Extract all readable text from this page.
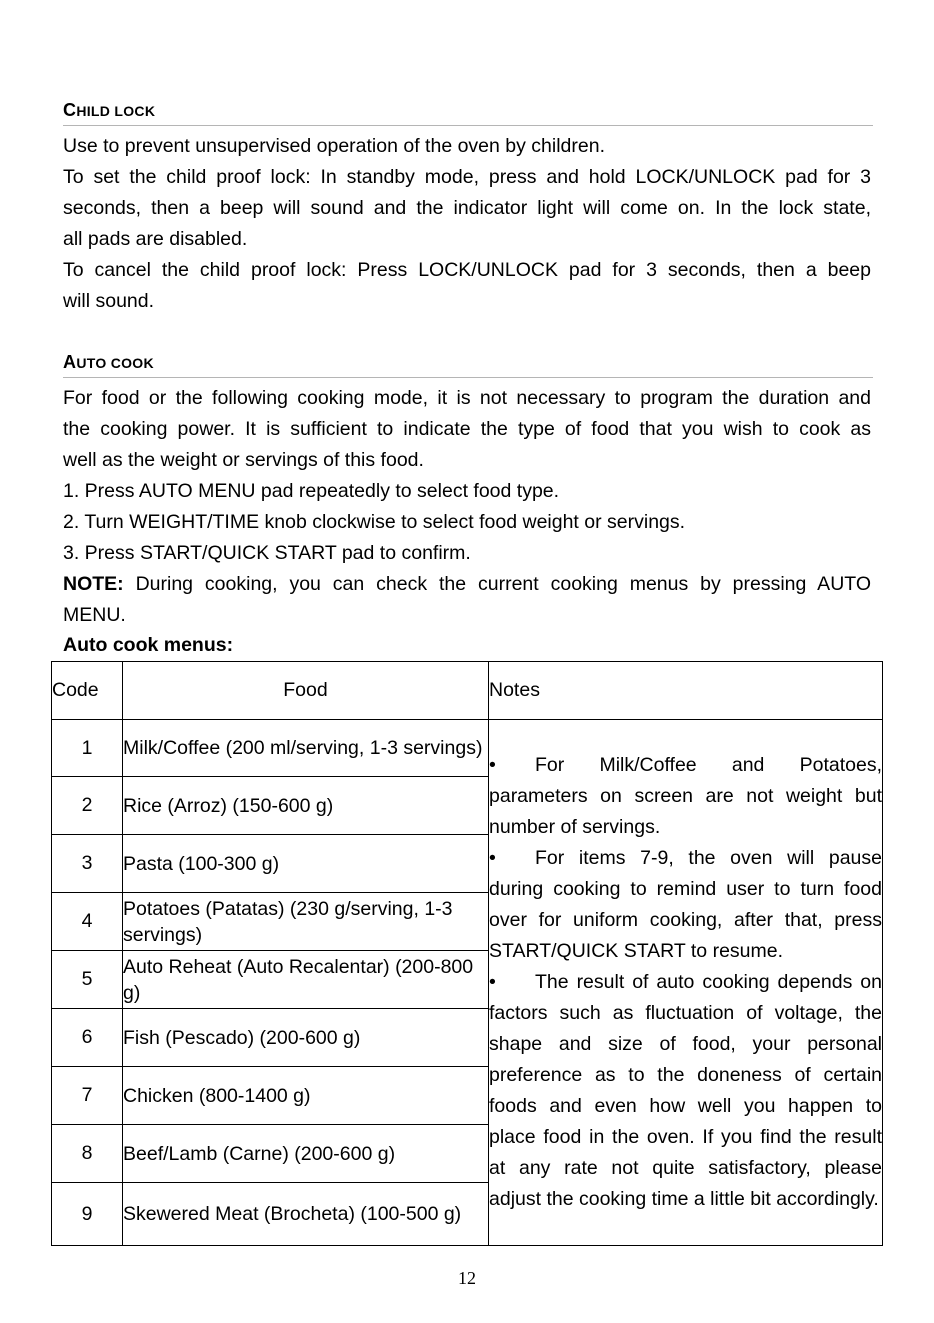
CHILD LOCK
Use to prevent unsupervised operation of the oven by children.
To set the child proof lock: In standby mode, press and hold LOCK/UNLOCK pad for 3
seconds, then a beep will sound and the indicator light will come on. In the lock state,
all pads are disabled.
To cancel the child proof lock: Press LOCK/UNLOCK pad for 3 seconds, then a beep
will sound.
AUTO COOK
For food or the following cooking mode, it is not necessary to program the duration and
the cooking power. It is sufficient to indicate the type of food that you wish to cook as
well as the weight or servings of this food.
1. Press AUTO MENU pad repeatedly to select food type.
2. Turn WEIGHT/TIME knob clockwise to select food weight or servings.
3. Press START/QUICK START pad to confirm.
NOTE: During cooking, you can check the current cooking menus by pressing AUTO
MENU.
Auto cook menus:
Code	Food	Notes
1	Milk/Coffee (200 ml/serving, 1-3 servings)	• For Milk/Coffee and Potatoes, parameters on screen are not weight but number of servings.
• For items 7-9, the oven will pause during cooking to remind user to turn food over for uniform cooking, after that, press START/QUICK START to resume.
• The result of auto cooking depends on factors such as fluctuation of voltage, the shape and size of food, your personal preference as to the doneness of certain foods and even how well you happen to place food in the oven. If you find the result at any rate not quite satisfactory, please adjust the cooking time a little bit accordingly.

2	Rice (Arroz) (150-600 g)	
3	Pasta (100-300 g)	
4	Potatoes (Patatas) (230 g/serving, 1-3 servings)	
5	Auto Reheat (Auto Recalentar) (200-800 g)	
6	Fish (Pescado) (200-600 g)	
7	Chicken (800-1400 g)	
8	Beef/Lamb (Carne) (200-600 g)	
9	Skewered Meat (Brocheta) (100-500 g)	
12
